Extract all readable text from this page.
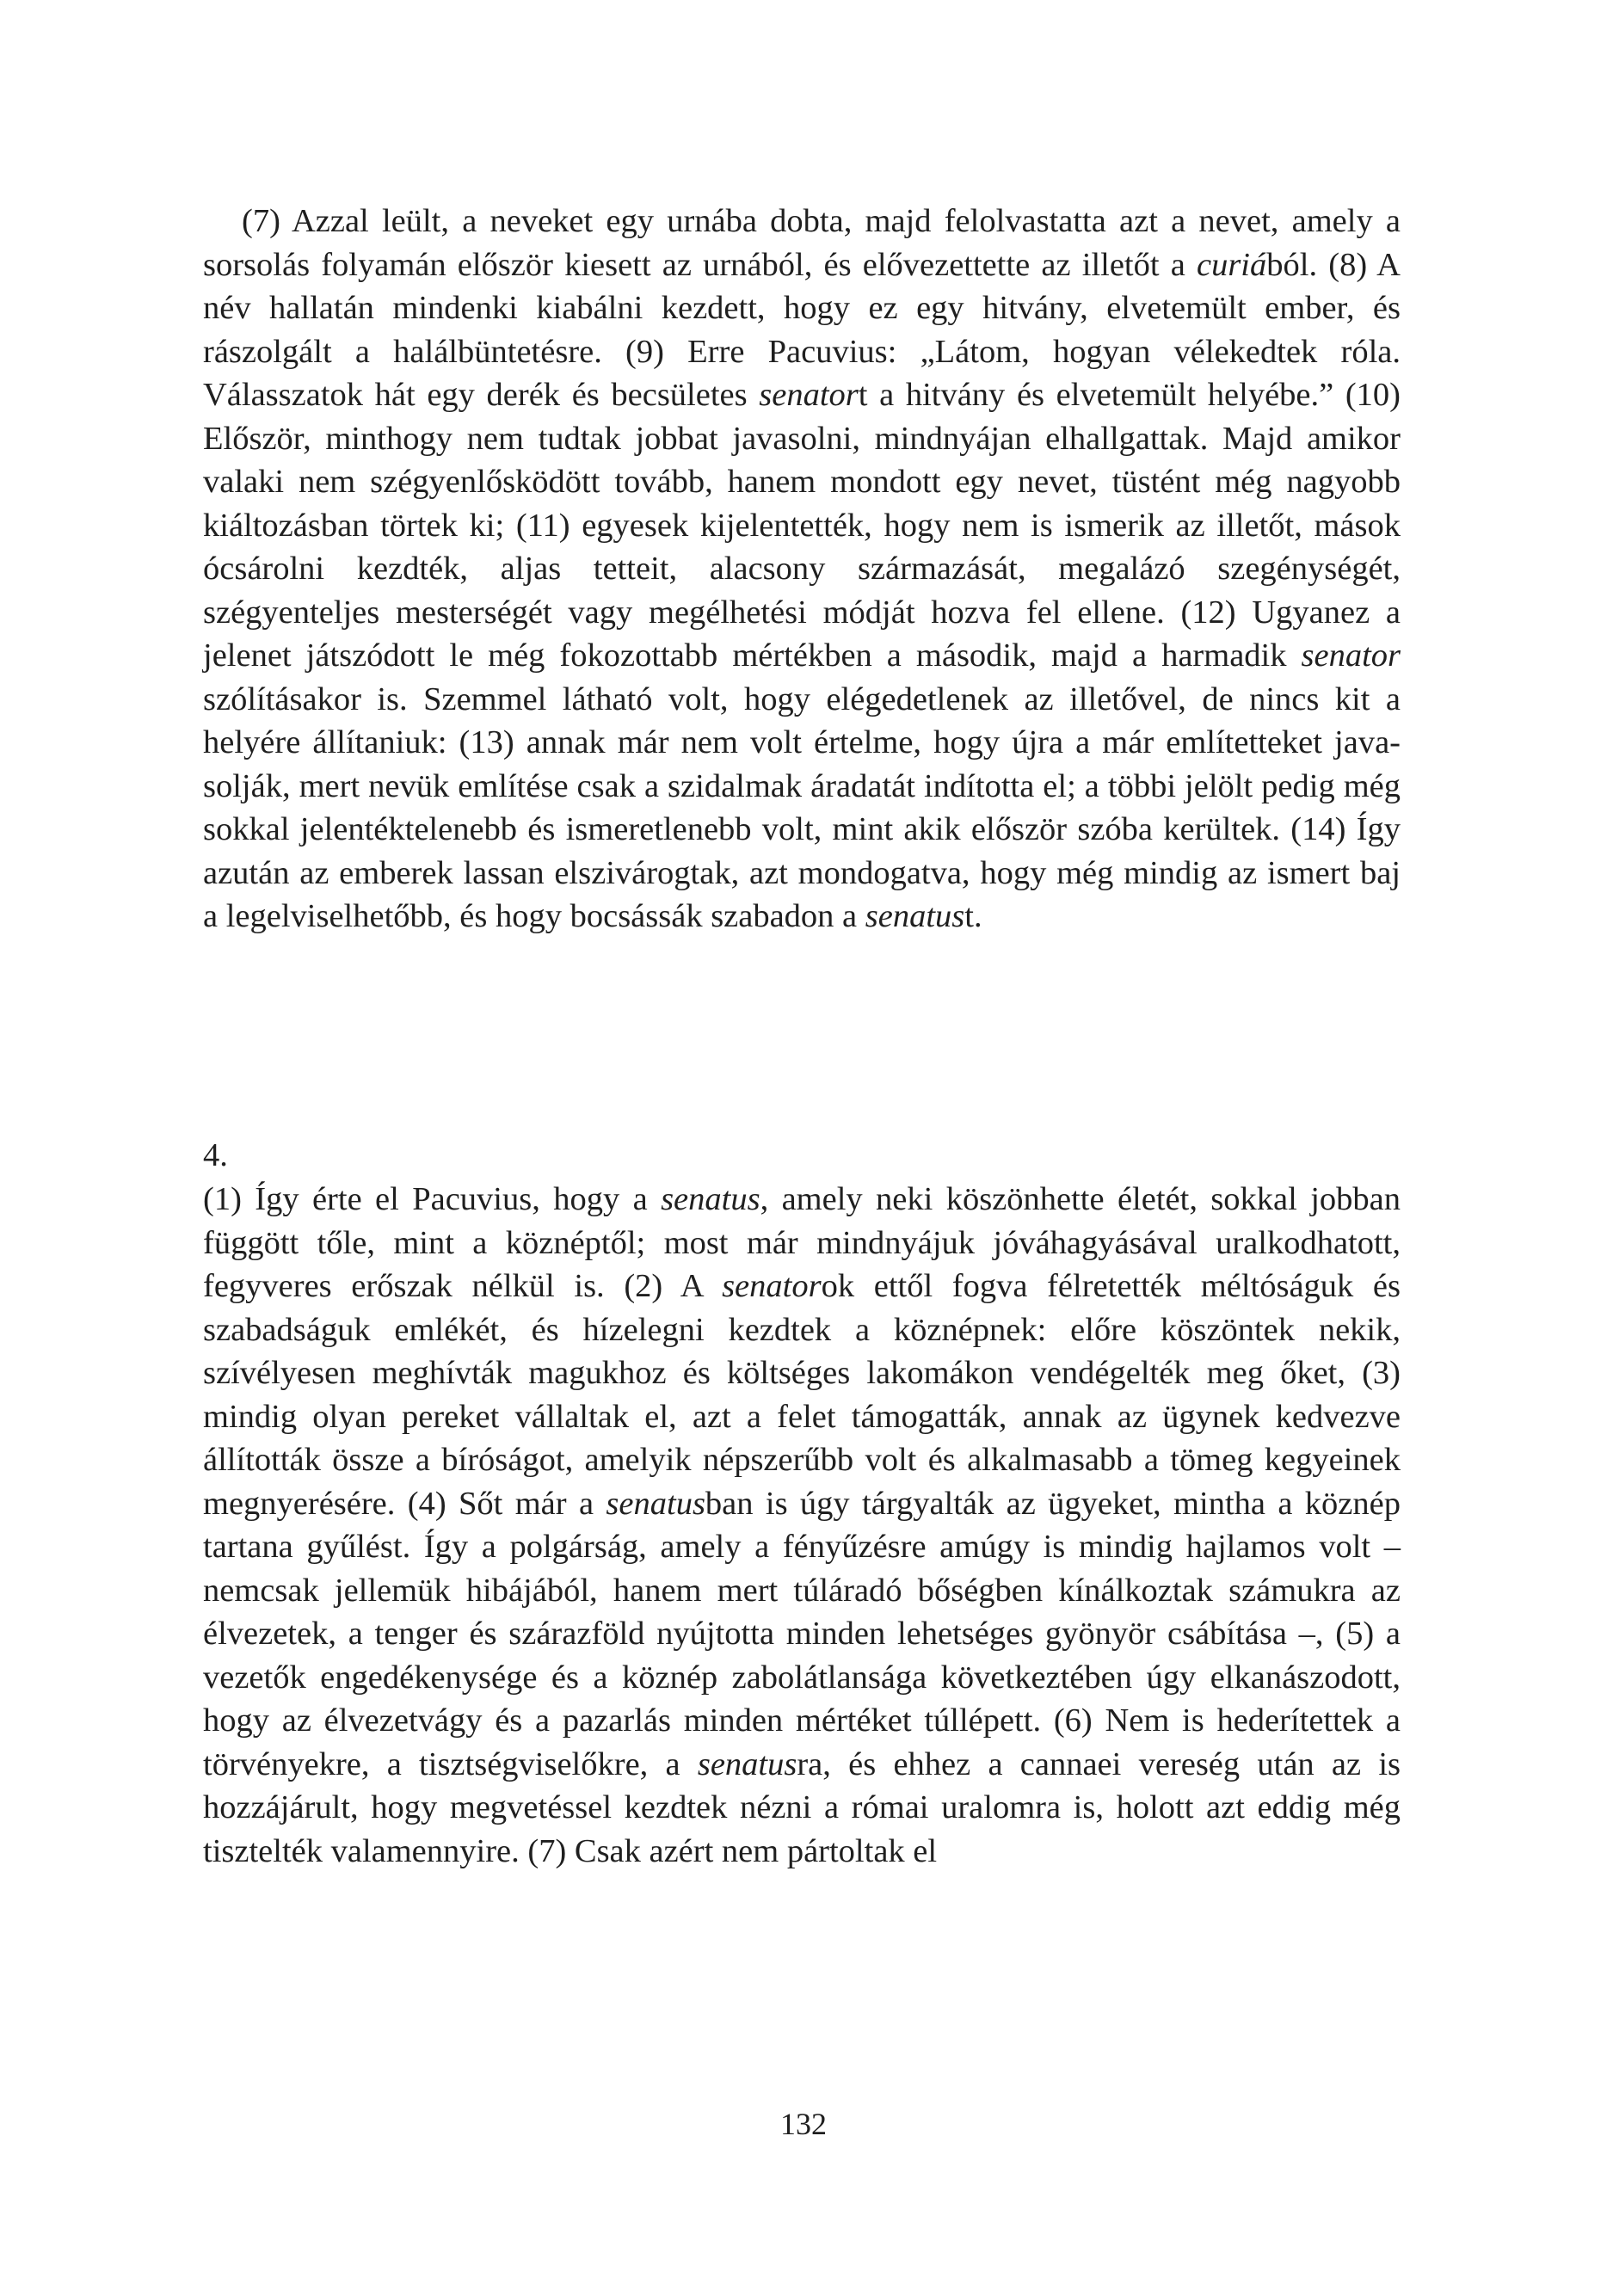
(7) Azzal leült, a neveket egy urnába dobta, majd felolvastatta azt a nevet, amely a sorsolás folyamán először kiesett az urnából, és elővezettette az illetőt a curiából. (8) A név hallatán mindenki kiabálni kezdett, hogy ez egy hitvány, elvetemült ember, és rászolgált a halálbüntetésre. (9) Erre Pacuvius: „Látom, hogyan vélekedtek róla. Válasszatok hát egy derék és becsületes senatort a hitvány és elvetemült helyébe.” (10) Először, minthogy nem tudtak jobbat javasolni, mindnyájan elhallgattak. Majd amikor valaki nem szégyenlősködött tovább, hanem mondott egy nevet, tüstént még nagyobb kiáltozásban törtek ki; (11) egyesek kijelentették, hogy nem is ismerik az illetőt, mások ócsárolni kezdték, aljas tetteit, alacsony származását, megalázó szegénységét, szégyenteljes mesterségét vagy megélhetési módját hozva fel ellene. (12) Ugyanez a jelenet játszódott le még fokozottabb mértékben a második, majd a harmadik senator szólításakor is. Szemmel látható volt, hogy elégedetlenek az illetővel, de nincs kit a helyére állítaniuk: (13) annak már nem volt értelme, hogy újra a már említetteket javasolják, mert nevük említése csak a szidalmak áradatát indította el; a többi jelölt pedig még sokkal jelentéktelenebb és ismeretlenebb volt, mint akik először szóba kerültek. (14) Így azután az emberek lassan elszivárogtak, azt mondogatva, hogy még mindig az ismert baj a legelviselhetőbb, és hogy bocsássák szabadon a senatust.

4.

(1) Így érte el Pacuvius, hogy a senatus, amely neki köszönhette életét, sokkal jobban függött tőle, mint a köznéptől; most már mindnyájuk jóváhagyásával uralkodhatott, fegyveres erőszak nélkül is. (2) A senatorok ettől fogva félretették méltóságuk és szabadságuk emlékét, és hízelegni kezdtek a köznépnek: előre köszöntek nekik, szívélyesen meghívták magukhoz és költséges lakomákon vendégelték meg őket, (3) mindig olyan pereket vállaltak el, azt a felet támogatták, annak az ügynek kedvezve állították össze a bíróságot, amelyik népszerűbb volt és alkalmasabb a tömeg kegyeinek megnyerésére. (4) Sőt már a senatusban is úgy tárgyalták az ügyeket, mintha a köznép tartana gyűlést. Így a polgárság, amely a fényűzésre amúgy is mindig hajlamos volt – nemcsak jellemük hibájából, hanem mert túláradó bőségben kínálkoztak számukra az élvezetek, a tenger és szárazföld nyújtotta minden lehetséges gyönyör csábítása –, (5) a vezetők engedékenysége és a köznép zabolátlansága következtében úgy elkanászodott, hogy az élvezetvágy és a pazarlás minden mértéket túllépett. (6) Nem is hederítettek a törvényekre, a tisztségviselőkre, a senatusra, és ehhez a cannaei vereség után az is hozzájárult, hogy megvetéssel kezdtek nézni a római uralomra is, holott azt eddig még tisztelték valamennyire. (7) Csak azért nem pártoltak el

132
